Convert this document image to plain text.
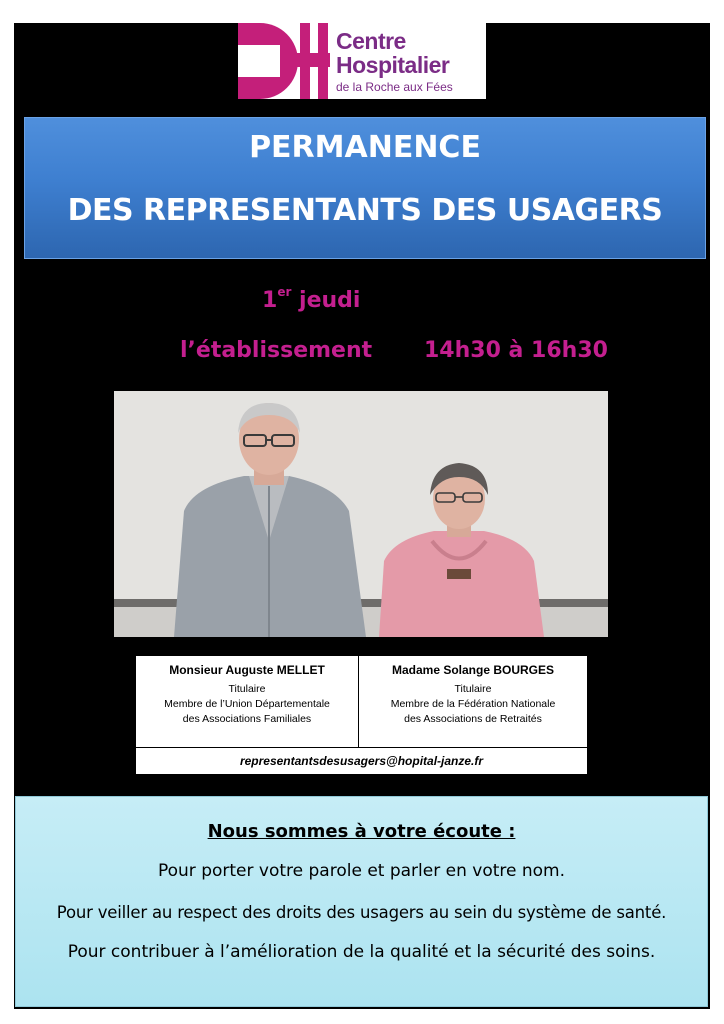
Centre
Hospitalier
de la Roche aux Fées
PERMANENCE
DES REPRESENTANTS DES USAGERS
1er jeudi
l’établissement 14h30 à 16h30
Monsieur Auguste MELLET
Titulaire
Membre de l’Union Départementale
des Associations Familiales
Madame Solange BOURGES
Titulaire
Membre de la Fédération Nationale
des Associations de Retraités
representantsdesusagers@hopital-janze.fr
Nous sommes à votre écoute :
Pour porter votre parole et parler en votre nom.
Pour veiller au respect des droits des usagers au sein du système de santé.
Pour contribuer à l’amélioration de la qualité et la sécurité des soins.
